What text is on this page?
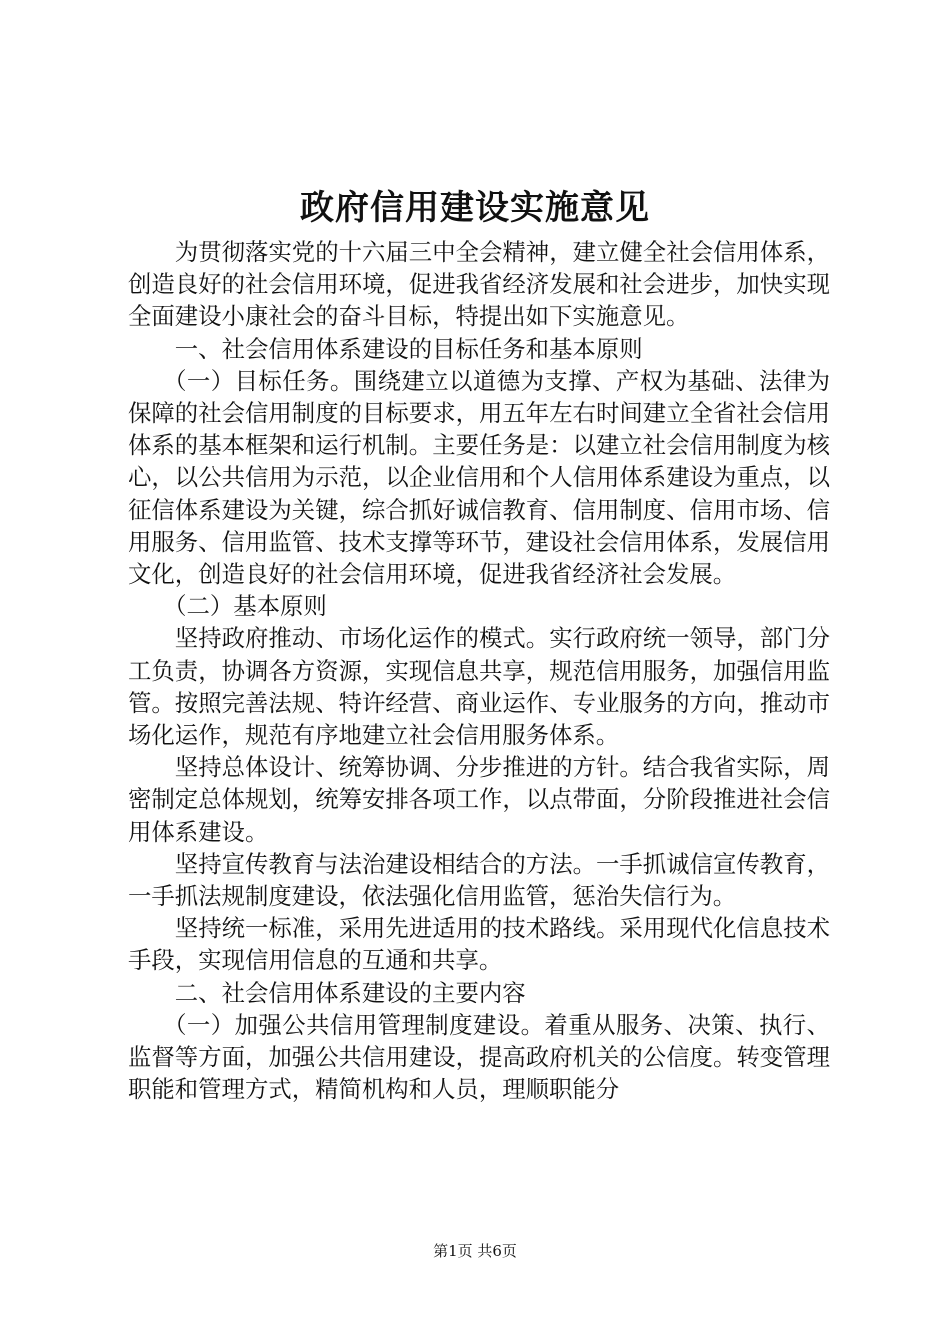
政府信用建设实施意见

为贯彻落实党的十六届三中全会精神，建立健全社会信用体系，创造良好的社会信用环境，促进我省经济发展和社会进步，加快实现全面建设小康社会的奋斗目标，特提出如下实施意见。

一、社会信用体系建设的目标任务和基本原则

（一）目标任务。围绕建立以道德为支撑、产权为基础、法律为保障的社会信用制度的目标要求，用五年左右时间建立全省社会信用体系的基本框架和运行机制。主要任务是：以建立社会信用制度为核心，以公共信用为示范，以企业信用和个人信用体系建设为重点，以征信体系建设为关键，综合抓好诚信教育、信用制度、信用市场、信用服务、信用监管、技术支撑等环节，建设社会信用体系，发展信用文化，创造良好的社会信用环境，促进我省经济社会发展。

（二）基本原则

坚持政府推动、市场化运作的模式。实行政府统一领导，部门分工负责，协调各方资源，实现信息共享，规范信用服务，加强信用监管。按照完善法规、特许经营、商业运作、专业服务的方向，推动市场化运作，规范有序地建立社会信用服务体系。

坚持总体设计、统筹协调、分步推进的方针。结合我省实际，周密制定总体规划，统筹安排各项工作，以点带面，分阶段推进社会信用体系建设。

坚持宣传教育与法治建设相结合的方法。一手抓诚信宣传教育，一手抓法规制度建设，依法强化信用监管，惩治失信行为。

坚持统一标准，采用先进适用的技术路线。采用现代化信息技术手段，实现信用信息的互通和共享。

二、社会信用体系建设的主要内容

（一）加强公共信用管理制度建设。着重从服务、决策、执行、监督等方面，加强公共信用建设，提高政府机关的公信度。转变管理职能和管理方式，精简机构和人员，理顺职能分

第1页 共6页
